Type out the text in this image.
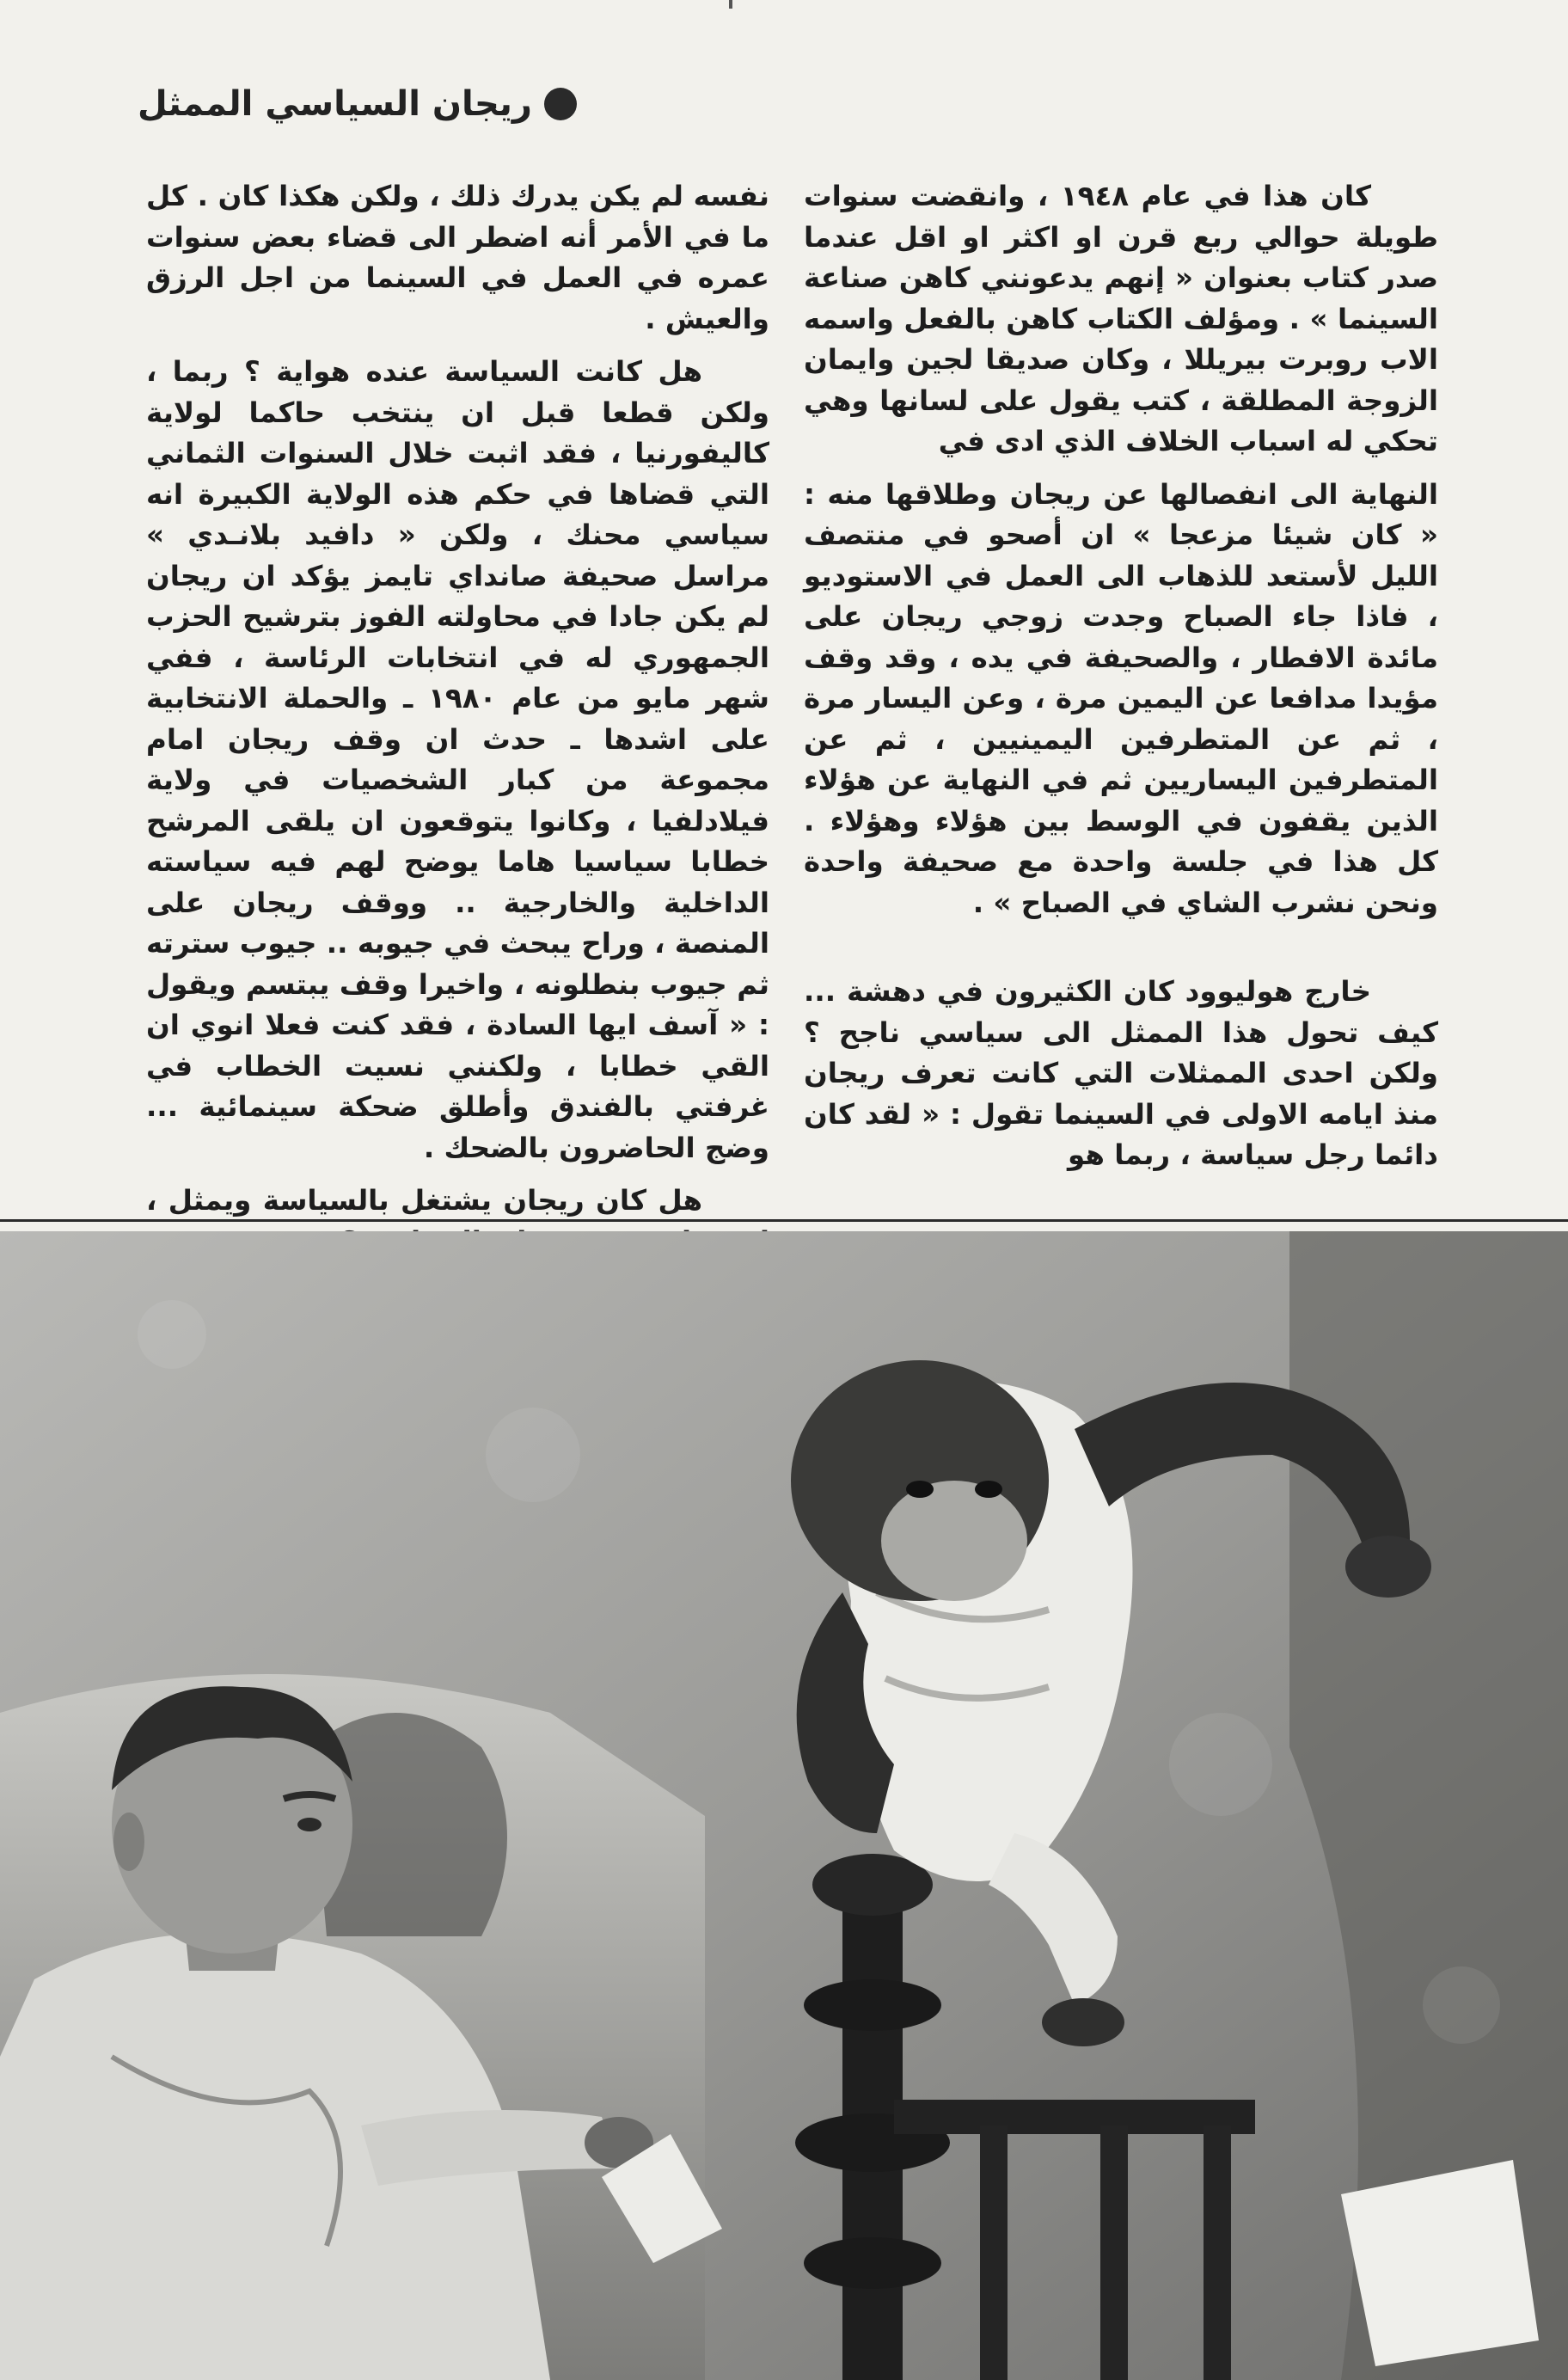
ريجان السياسي الممثل

كان هذا في عام ١٩٤٨ ، وانقضت سنوات طويلة حوالي ربع قرن او اكثر او اقل عندما صدر كتاب بعنوان « إنهم يدعونني كاهن صناعة السينما » . ومؤلف الكتاب كاهن بالفعل واسمه الاب روبرت بيريللا ، وكان صديقا لجين وايمان الزوجة المطلقة ، كتب يقول على لسانها وهي تحكي له اسباب الخلاف الذي ادى في

النهاية الى انفصالها عن ريجان وطلاقها منه : « كان شيئا مزعجا » ان أصحو في منتصف الليل لأستعد للذهاب الى العمل في الاستوديو ، فاذا جاء الصباح وجدت زوجي ريجان على مائدة الافطار ، والصحيفة في يده ، وقد وقف مؤيدا مدافعا عن اليمين مرة ، وعن اليسار مرة ، ثم عن المتطرفين اليمينيين ، ثم عن المتطرفين اليساريين ثم في النهاية عن هؤلاء الذين يقفون في الوسط بين هؤلاء وهؤلاء . كل هذا في جلسة واحدة مع صحيفة واحدة ونحن نشرب الشاي في الصباح » .

خارج هوليوود كان الكثيرون في دهشة ... كيف تحول هذا الممثل الى سياسي ناجح ؟ ولكن احدى الممثلات التي كانت تعرف ريجان منذ ايامه الاولى في السينما تقول : « لقد كان دائما رجل سياسة ، ربما هو

نفسه لم يكن يدرك ذلك ، ولكن هكذا كان . كل ما في الأمر أنه اضطر الى قضاء بعض سنوات عمره في العمل في السينما من اجل الرزق والعيش .

هل كانت السياسة عنده هواية ؟ ربما ، ولكن قطعا قبل ان ينتخب حاكما لولاية كاليفورنيا ، فقد اثبت خلال السنوات الثماني التي قضاها في حكم هذه الولاية الكبيرة انه سياسي محنك ، ولكن « دافيد بلانـدي » مراسل صحيفة صانداي تايمز يؤكد ان ريجان لم يكن جادا في محاولته الفوز بترشيح الحزب الجمهوري له في انتخابات الرئاسة ، ففي شهر مايو من عام ١٩٨٠ ـ والحملة الانتخابية على اشدها ـ حدث ان وقف ريجان امام مجموعة من كبار الشخصيات في ولاية فيلادلفيا ، وكانوا يتوقعون ان يلقى المرشح خطابا سياسيا هاما يوضح لهم فيه سياسته الداخلية والخارجية .. ووقف ريجان على المنصة ، وراح يبحث في جيوبه .. جيوب سترته ثم جيوب بنطلونه ، واخيرا وقف يبتسم ويقول : « آسف ايها السادة ، فقد كنت فعلا انوي ان القي خطابا ، ولكنني نسيت الخطاب في غرفتي بالفندق وأطلق ضحكة سينمائية ... وضج الحاضرون بالضحك .

هل كان ريجان يشتغل بالسياسة ويمثل ،
